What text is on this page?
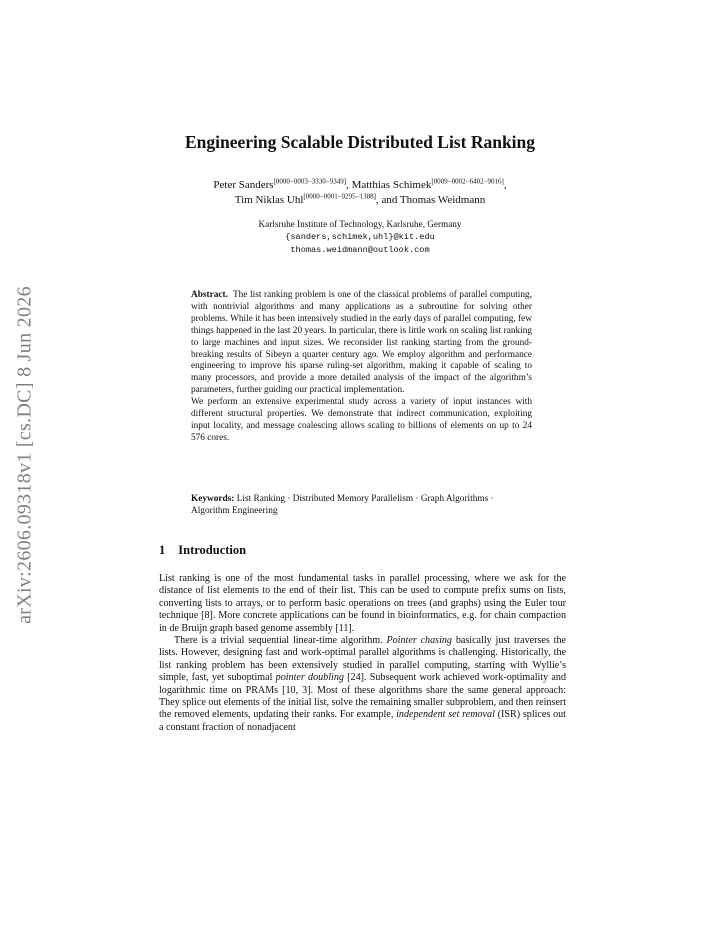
arXiv:2606.09318v1 [cs.DC] 8 Jun 2026
Engineering Scalable Distributed List Ranking
Peter Sanders[0000−0003−3330−9349], Matthias Schimek[0009−0002−6402−9016],
Tim Niklas Uhl[0000−0001−9295−1388], and Thomas Weidmann
Karlsruhe Institute of Technology, Karlsruhe, Germany
{sanders,schimek,uhl}@kit.edu
thomas.weidmann@outlook.com

Abstract. The list ranking problem is one of the classical problems of parallel computing, with nontrivial algorithms and many applications as a subroutine for solving other problems. While it has been intensively studied in the early days of parallel computing, few things happened in the last 20 years. In particular, there is little work on scaling list ranking to large machines and input sizes. We reconsider list ranking starting from the ground-breaking results of Sibeyn a quarter century ago. We employ algorithm and performance engineering to improve his sparse ruling-set algorithm, making it capable of scaling to many processors, and provide a more detailed analysis of the impact of the algorithm’s parameters, further guiding our practical implementation.

We perform an extensive experimental study across a variety of input instances with different structural properties. We demonstrate that indirect communication, exploiting input locality, and message coalescing allows scaling to billions of elements on up to 24 576 cores.

Keywords: List Ranking · Distributed Memory Parallelism · Graph Algorithms · Algorithm Engineering
1 Introduction

List ranking is one of the most fundamental tasks in parallel processing, where we ask for the distance of list elements to the end of their list. This can be used to compute prefix sums on lists, converting lists to arrays, or to perform basic operations on trees (and graphs) using the Euler tour technique [8]. More concrete applications can be found in bioinformatics, e.g. for chain compaction in de Bruijn graph based genome assembly [11].

There is a trivial sequential linear-time algorithm. Pointer chasing basically just traverses the lists. However, designing fast and work-optimal parallel algorithms is challenging. Historically, the list ranking problem has been extensively studied in parallel computing, starting with Wyllie’s simple, fast, yet suboptimal pointer doubling [24]. Subsequent work achieved work-optimality and logarithmic time on PRAMs [10, 3]. Most of these algorithms share the same general approach: They splice out elements of the initial list, solve the remaining smaller subproblem, and then reinsert the removed elements, updating their ranks. For example, independent set removal (ISR) splices out a constant fraction of nonadjacent
